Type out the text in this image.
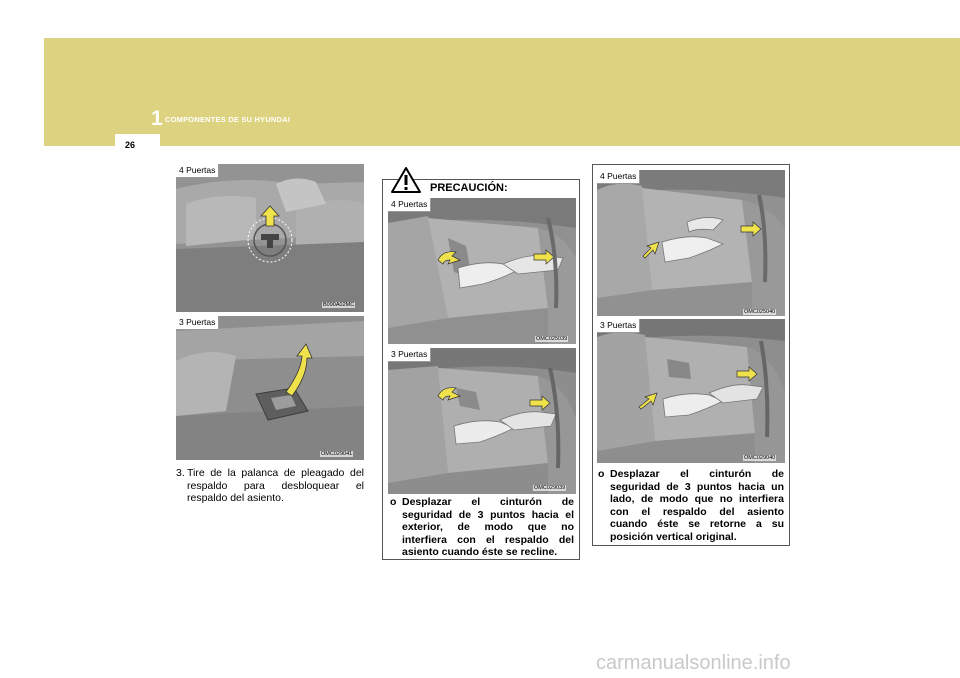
1 COMPONENTES DE SU HYUNDAI
26
4 Puertas
B090A02MC
3 Puertas
OMC029041
3. Tire de la palanca de pleagado del respaldo para desbloquear el respaldo del asiento.
PRECAUCIÓN:
4 Puertas
OMC025039
3 Puertas
OMC029039
o Desplazar el cinturón de seguridad de 3 puntos hacia el exterior, de modo que no interfiera con el respaldo del asiento cuando éste se recline.
4 Puertas
OMC025040
3 Puertas
OMC029040
o Desplazar el cinturón de seguridad de 3 puntos hacia un lado, de modo que no interfiera con el respaldo del asiento cuando éste se retorne a su posición vertical original.
carmanualsonline.info
